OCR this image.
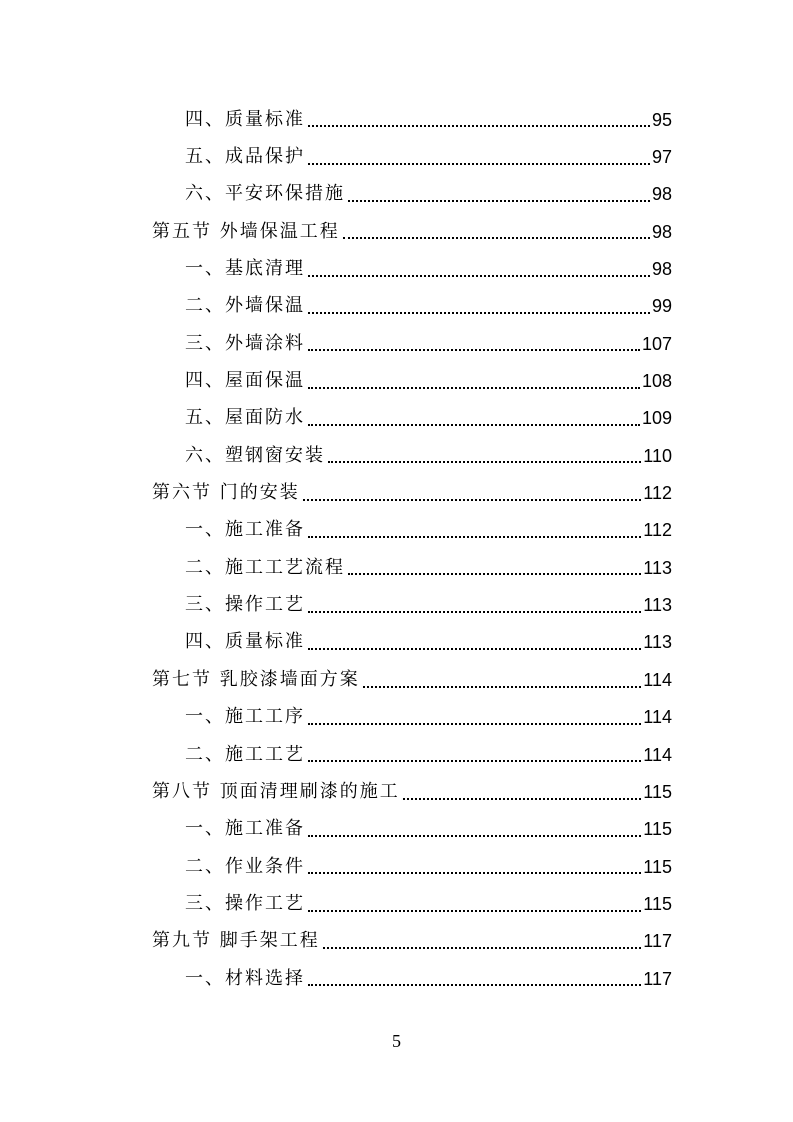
四、质量标准	95
五、成品保护	97
六、平安环保措施	98
第五节 外墙保温工程	98
一、基底清理	98
二、外墙保温	99
三、外墙涂料	107
四、屋面保温	108
五、屋面防水	109
六、塑钢窗安装	110
第六节 门的安装	112
一、施工准备	112
二、施工工艺流程	113
三、操作工艺	113
四、质量标准	113
第七节 乳胶漆墙面方案	114
一、施工工序	114
二、施工工艺	114
第八节 顶面清理刷漆的施工	115
一、施工准备	115
二、作业条件	115
三、操作工艺	115
第九节 脚手架工程	117
一、材料选择	117
5
